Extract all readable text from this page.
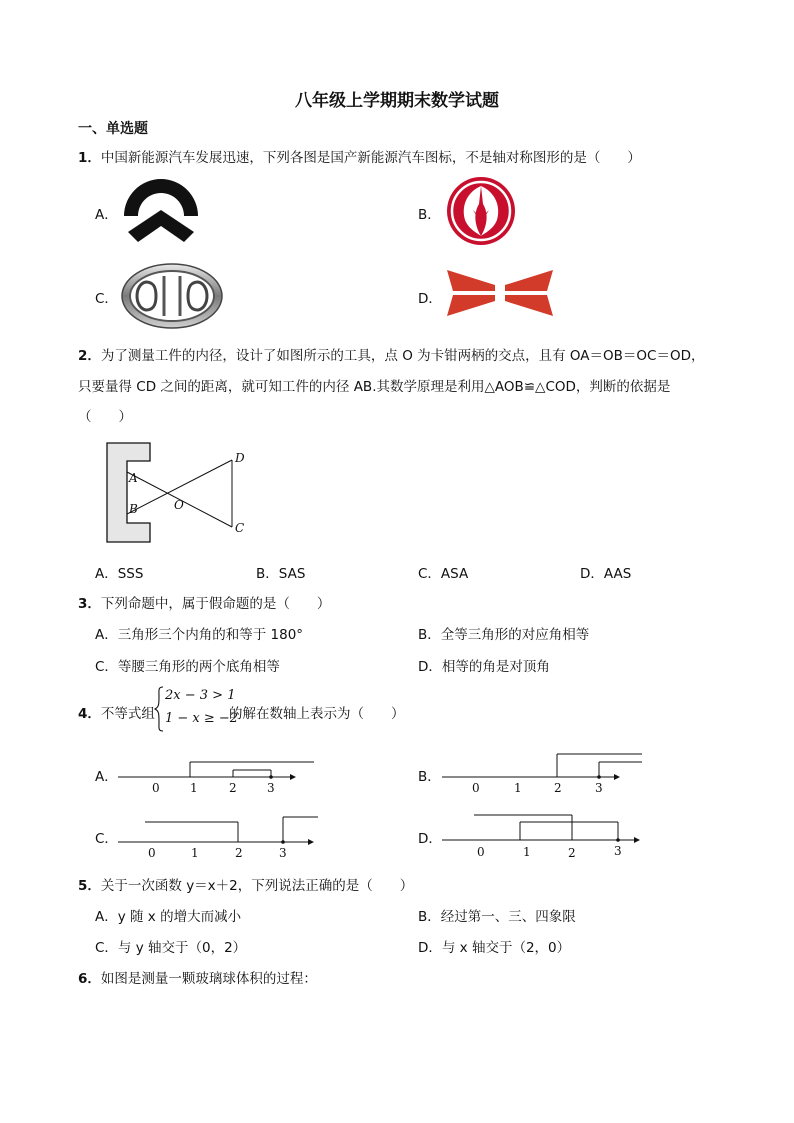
八年级上学期期末数学试题
一、单选题
1．中国新能源汽车发展迅速，下列各图是国产新能源汽车图标，不是轴对称图形的是（　　）
A．	B．
C．	D．
2．为了测量工件的内径，设计了如图所示的工具，点 O 为卡钳两柄的交点，且有 OA＝OB＝OC＝OD，
只要量得 CD 之间的距离，就可知工件的内径 AB.其数学原理是利用△AOB≌△COD，判断的依据是
（　　）
A
B	O
D
C
A．SSS	B．SAS	C．ASA	D．AAS
3．下列命题中，属于假命题的是（　　）
A．三角形三个内角的和等于 180°	B．全等三角形的对应角相等
C．等腰三角形的两个底角相等	D．相等的角是对顶角
4．不等式组
2x − 3 > 1
1 − x ≥ −2
的解在数轴上表示为（　　）
A．
0	1	2	3
B．
0	1	2	3
C．
0	1	2	3
D．
0	1	2	3
5．关于一次函数 y＝x＋2，下列说法正确的是（　　）
A．y 随 x 的增大而减小	B．经过第一、三、四象限
C．与 y 轴交于（0，2）	D．与 x 轴交于（2，0）
6．如图是测量一颗玻璃球体积的过程：
